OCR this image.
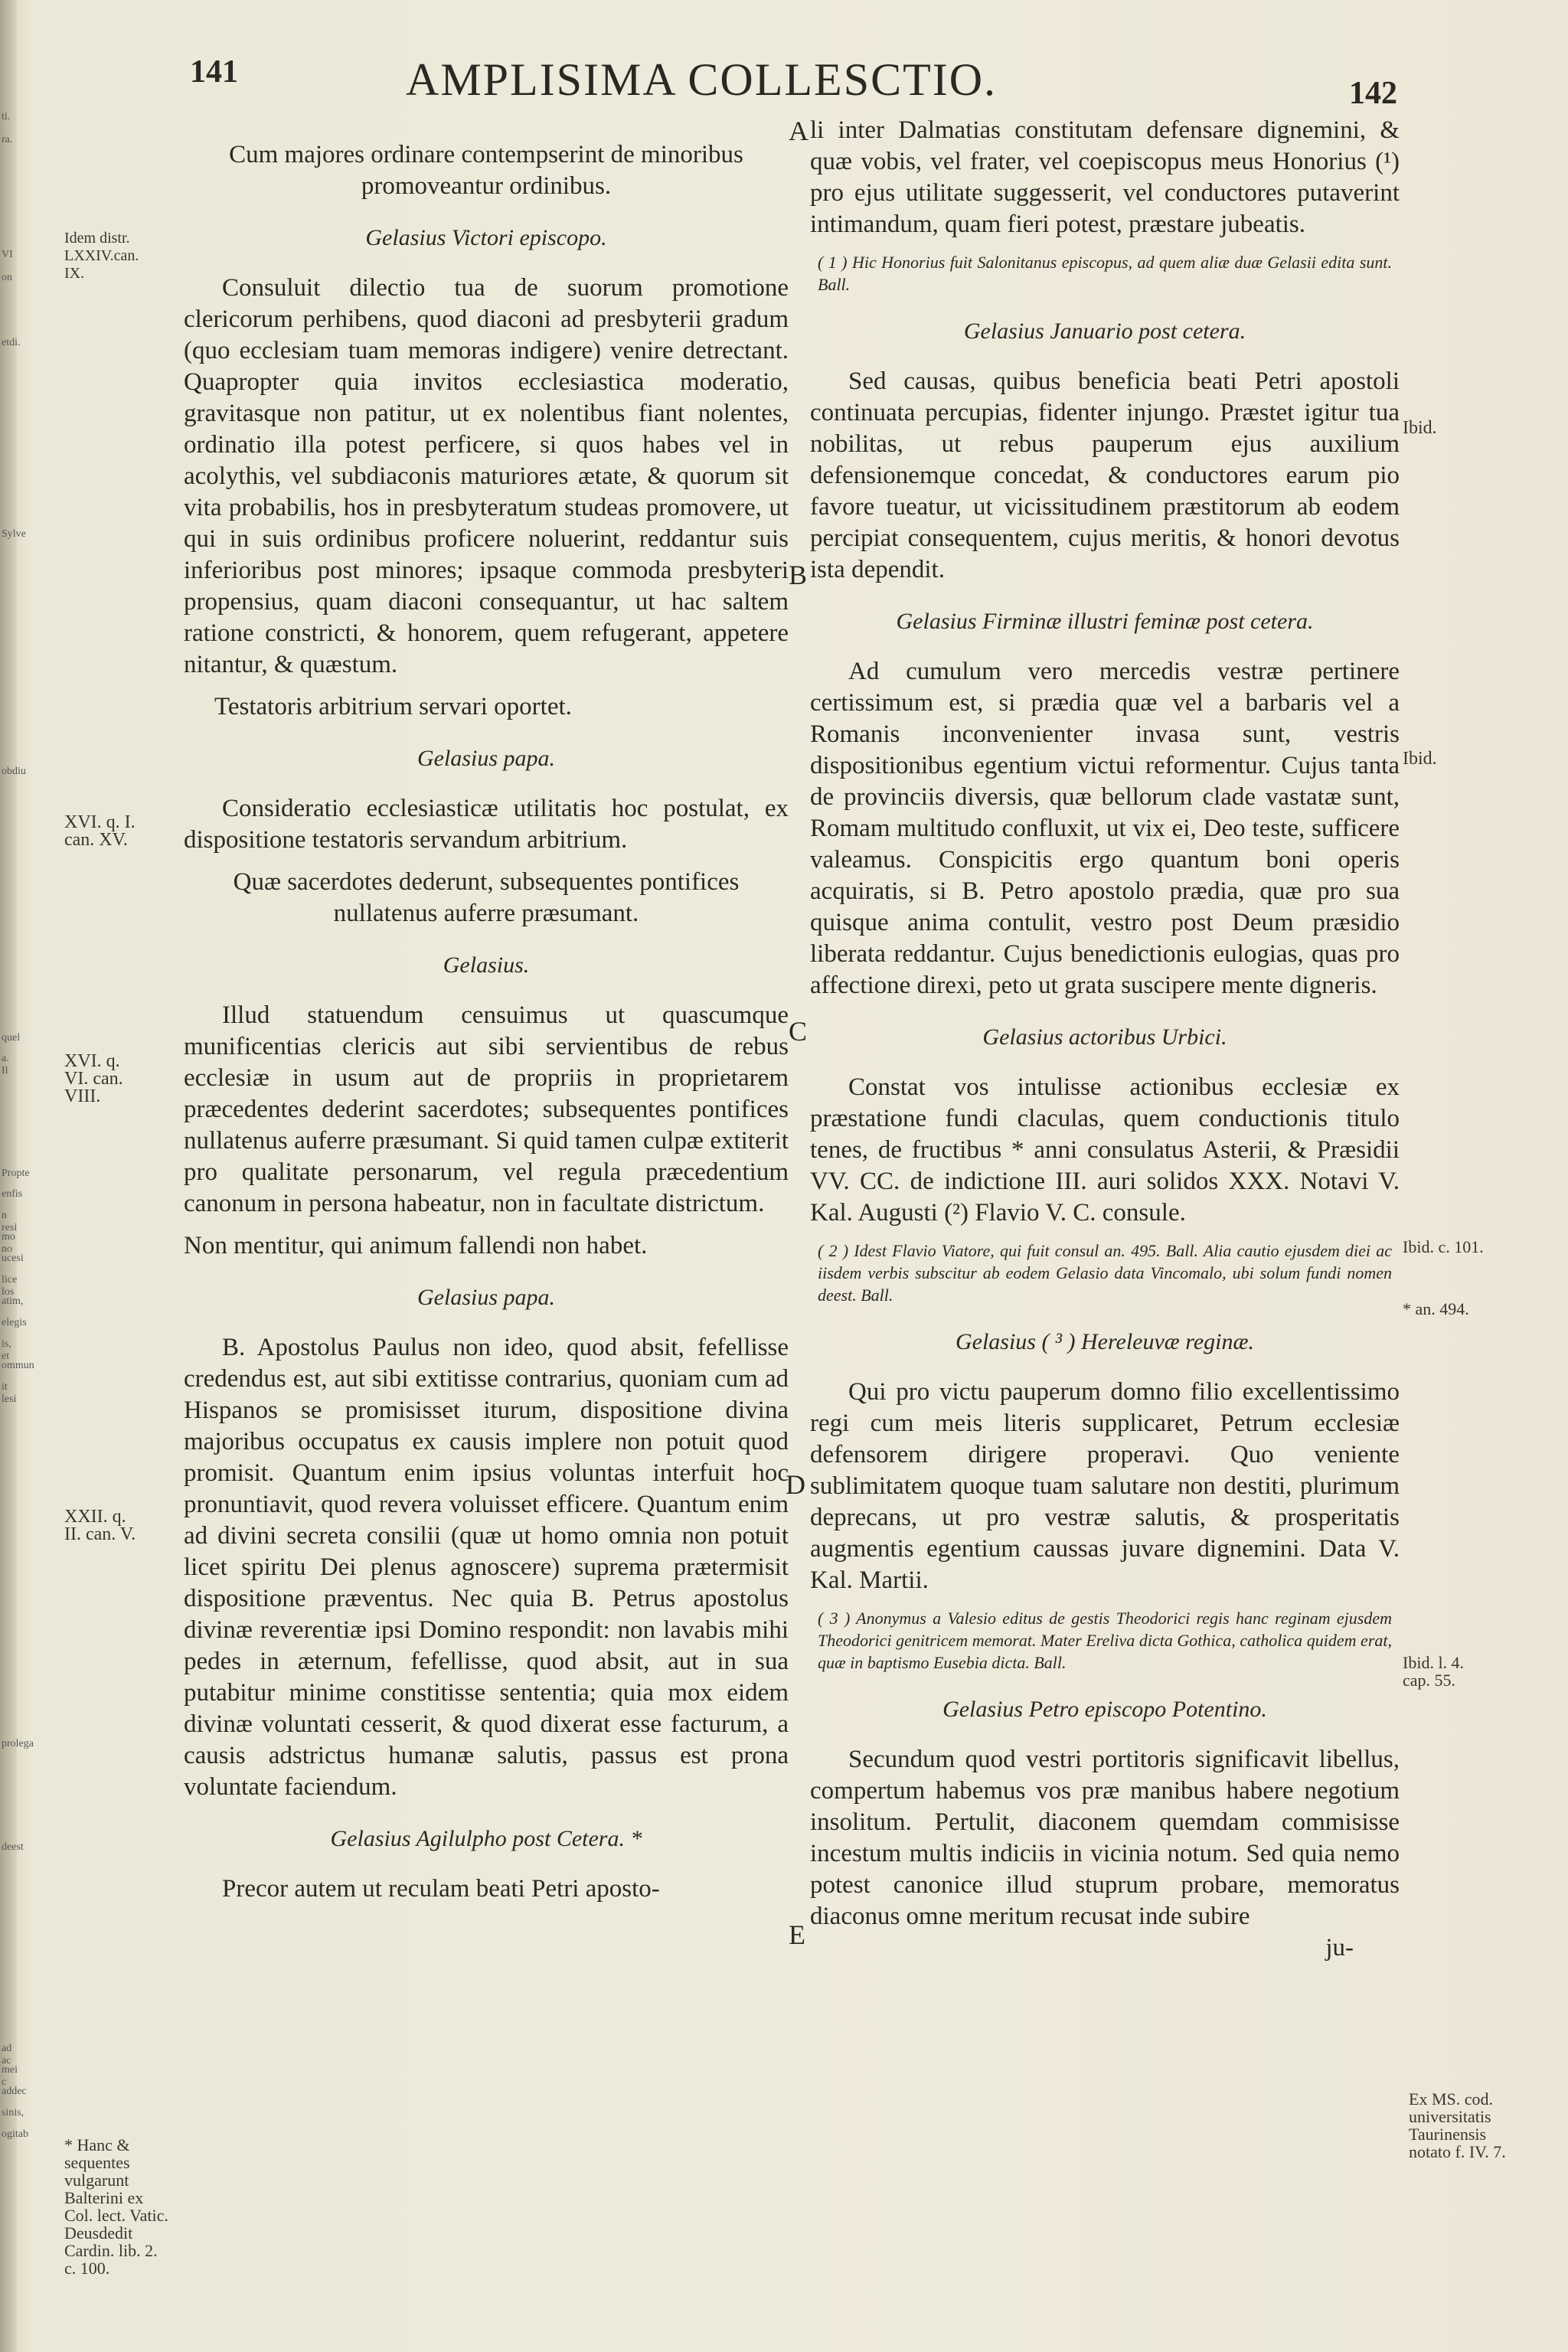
ti.
ra.
VI
on
etdi.
Sylve
obdiu
quel
a. Il
Propte
enfis
n resi
mo no
ucesi
lice los
atim,
elegis
is, et
ommun
it lesi
prolega
deest
ad ac
mei c
addec
sinis,
ogitab
141	AMPLISIMA COLLESCTIO.	142
A
B
C
D
E
Idem distr. LXXIV.can. IX.
XVI. q. I. can. XV.
XVI. q. VI. can. VIII.
XXII. q. II. can. V.
* Hanc & sequentes vulgarunt Balterini ex Col. lect. Vatic. Deusdedit Cardin. lib. 2. c. 100.
Ibid.
Ibid.
Ibid. c. 101.
* an. 494.
Ibid. l. 4. cap. 55.
Ex MS. cod. universitatis Taurinensis notato f. IV. 7.

Cum majores ordinare contempserint de minoribus promoveantur ordinibus.

Gelasius Victori episcopo.

Consuluit dilectio tua de suorum promotione clericorum perhibens, quod diaconi ad presbyterii gradum (quo ecclesiam tuam memoras indigere) venire detrectant. Quapropter quia invitos ecclesiastica moderatio, gravitasque non patitur, ut ex nolentibus fiant nolentes, ordinatio illa potest perficere, si quos habes vel in acolythis, vel subdiaconis maturiores ætate, & quorum sit vita probabilis, hos in presbyteratum studeas promovere, ut qui in suis ordinibus proficere noluerint, reddantur suis inferioribus post minores; ipsaque commoda presbyteri propensius, quam diaconi consequantur, ut hac saltem ratione constricti, & honorem, quem refugerant, appetere nitantur, & quæstum.

Testatoris arbitrium servari oportet.

Gelasius papa.

Consideratio ecclesiasticæ utilitatis hoc postulat, ex dispositione testatoris servandum arbitrium.

Quæ sacerdotes dederunt, subsequentes pontifices nullatenus auferre præsumant.

Gelasius.

Illud statuendum censuimus ut quascumque munificentias clericis aut sibi servientibus de rebus ecclesiæ in usum aut de propriis in proprietarem præcedentes dederint sacerdotes; subsequentes pontifices nullatenus auferre præsumant. Si quid tamen culpæ extiterit pro qualitate personarum, vel regula præcedentium canonum in persona habeatur, non in facultate districtum.

Non mentitur, qui animum fallendi non habet.

Gelasius papa.

B. Apostolus Paulus non ideo, quod absit, fefellisse credendus est, aut sibi extitisse contrarius, quoniam cum ad Hispanos se promisisset iturum, dispositione divina majoribus occupatus ex causis implere non potuit quod promisit. Quantum enim ipsius voluntas interfuit hoc pronuntiavit, quod revera voluisset efficere. Quantum enim ad divini secreta consilii (quæ ut homo omnia non potuit licet spiritu Dei plenus agnoscere) suprema prætermisit dispositione præventus. Nec quia B. Petrus apostolus divinæ reverentiæ ipsi Domino respondit: non lavabis mihi pedes in æternum, fefellisse, quod absit, aut in sua putabitur minime constitisse sententia; quia mox eidem divinæ voluntati cesserit, & quod dixerat esse facturum, a causis adstrictus humanæ salutis, passus est prona voluntate faciendum.

Gelasius Agilulpho post Cetera. *

Precor autem ut reculam beati Petri aposto-

li inter Dalmatias constitutam defensare dignemini, & quæ vobis, vel frater, vel coepiscopus meus Honorius (¹) pro ejus utilitate suggesserit, vel conductores putaverint intimandum, quam fieri potest, præstare jubeatis.

( 1 ) Hic Honorius fuit Salonitanus episcopus, ad quem aliæ duæ Gelasii edita sunt. Ball.
Gelasius Januario post cetera.

Sed causas, quibus beneficia beati Petri apostoli continuata percupias, fidenter injungo. Præstet igitur tua nobilitas, ut rebus pauperum ejus auxilium defensionemque concedat, & conductores earum pio favore tueatur, ut vicissitudinem præstitorum ab eodem percipiat consequentem, cujus meritis, & honori devotus ista dependit.

Gelasius Firminæ illustri feminæ post cetera.

Ad cumulum vero mercedis vestræ pertinere certissimum est, si prædia quæ vel a barbaris vel a Romanis inconvenienter invasa sunt, vestris dispositionibus egentium victui reformentur. Cujus tanta de provinciis diversis, quæ bellorum clade vastatæ sunt, Romam multitudo confluxit, ut vix ei, Deo teste, sufficere valeamus. Conspicitis ergo quantum boni operis acquiratis, si B. Petro apostolo prædia, quæ pro sua quisque anima contulit, vestro post Deum præsidio liberata reddantur. Cujus benedictionis eulogias, quas pro affectione direxi, peto ut grata suscipere mente digneris.

Gelasius actoribus Urbici.

Constat vos intulisse actionibus ecclesiæ ex præstatione fundi claculas, quem conductionis titulo tenes, de fructibus * anni consulatus Asterii, & Præsidii VV. CC. de indictione III. auri solidos XXX. Notavi V. Kal. Augusti (²) Flavio V. C. consule.

( 2 ) Idest Flavio Viatore, qui fuit consul an. 495. Ball. Alia cautio ejusdem diei ac iisdem verbis subscitur ab eodem Gelasio data Vincomalo, ubi solum fundi nomen deest. Ball.
Gelasius ( ³ ) Hereleuvæ reginæ.

Qui pro victu pauperum domno filio excellentissimo regi cum meis literis supplicaret, Petrum ecclesiæ defensorem dirigere properavi. Quo veniente sublimitatem quoque tuam salutare non destiti, plurimum deprecans, ut pro vestræ salutis, & prosperitatis augmentis egentium caussas juvare dignemini. Data V. Kal. Martii.

( 3 ) Anonymus a Valesio editus de gestis Theodorici regis hanc reginam ejusdem Theodorici genitricem memorat. Mater Ereliva dicta Gothica, catholica quidem erat, quæ in baptismo Eusebia dicta. Ball.
Gelasius Petro episcopo Potentino.

Secundum quod vestri portitoris significavit libellus, compertum habemus vos præ manibus habere negotium insolitum. Pertulit, diaconem quemdam commisisse incestum multis indiciis in vicinia notum. Sed quia nemo potest canonice illud stuprum probare, memoratus diaconus omne meritum recusat inde subire

ju-
